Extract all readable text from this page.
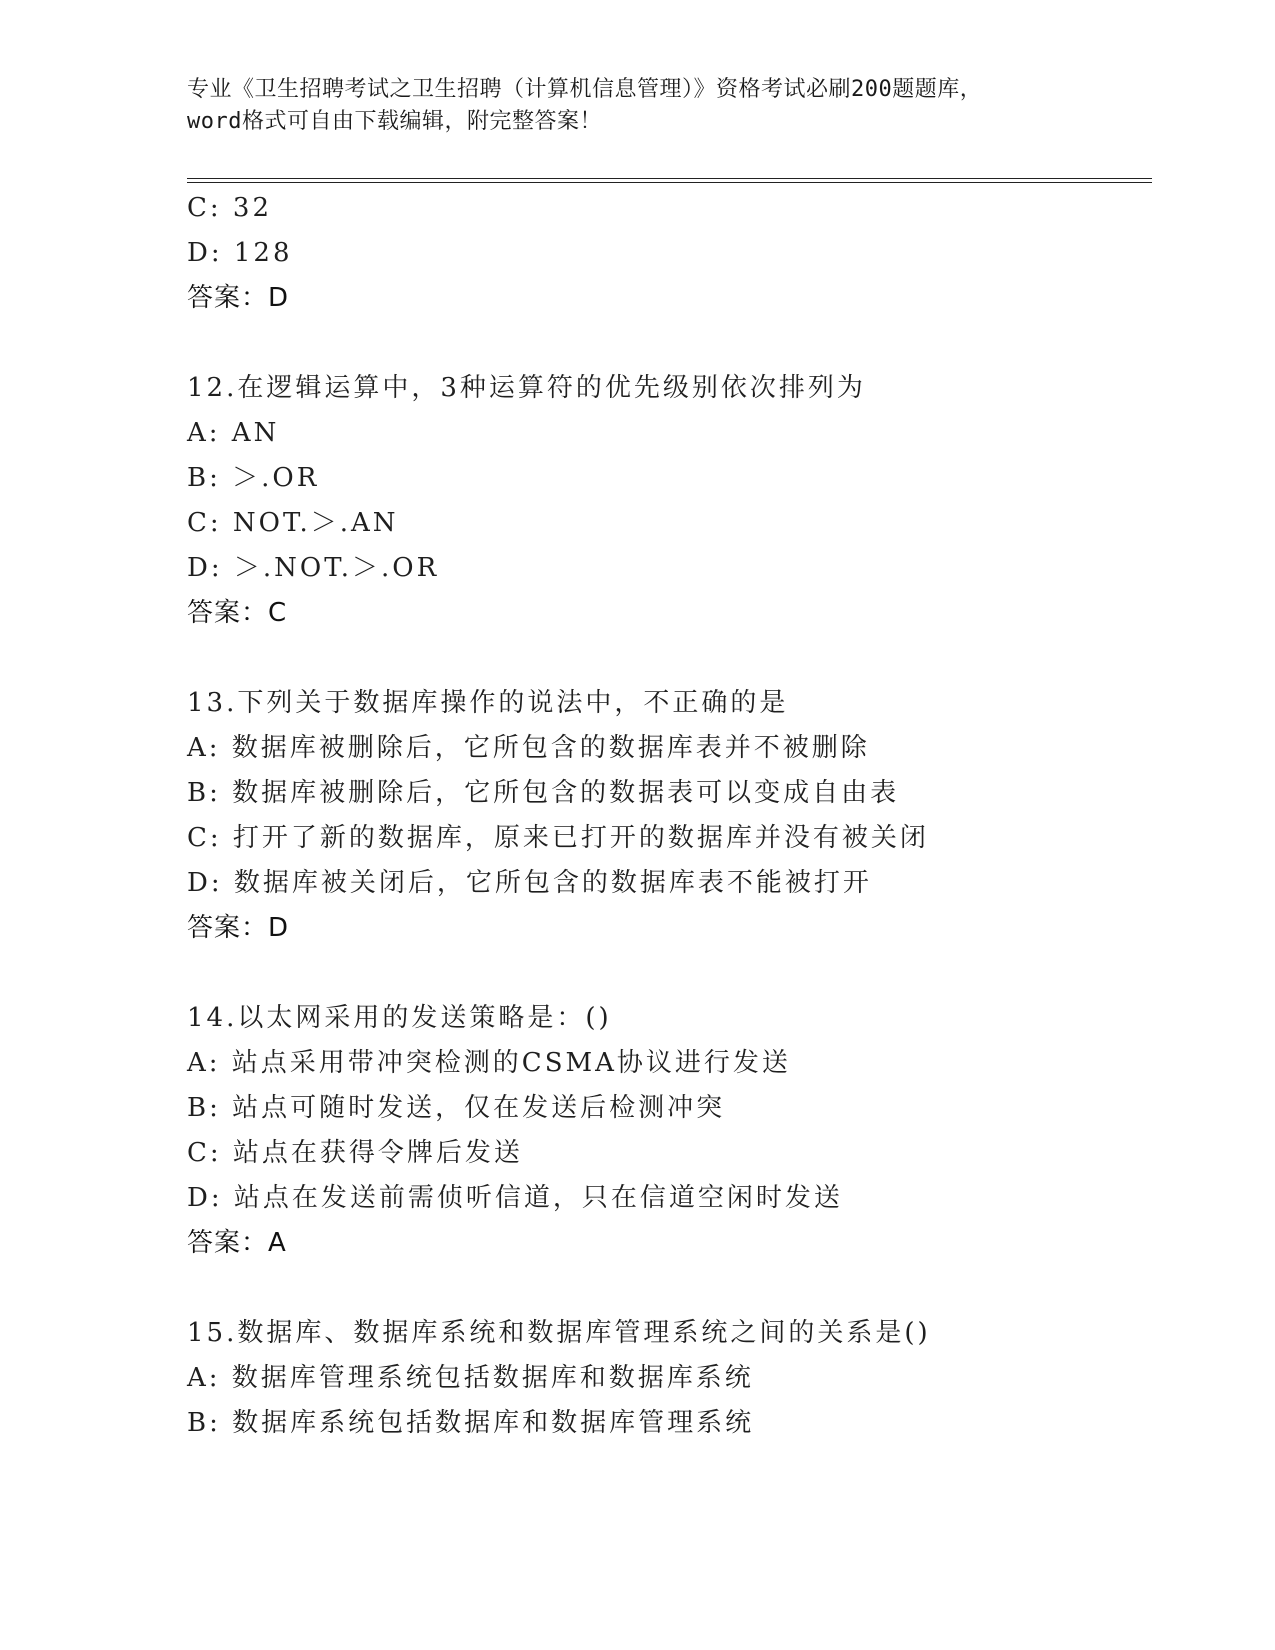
专业《卫生招聘考试之卫生招聘（计算机信息管理）》资格考试必刷200题题库，
word格式可自由下载编辑，附完整答案！
C: 32
D: 128
答案：D
12.在逻辑运算中，3种运算符的优先级别依次排列为
A: AN
B: ＞.OR
C: NOT.＞.AN
D: ＞.NOT.＞.OR
答案：C
13.下列关于数据库操作的说法中，不正确的是
A: 数据库被删除后，它所包含的数据库表并不被删除
B: 数据库被删除后，它所包含的数据表可以变成自由表
C: 打开了新的数据库，原来已打开的数据库并没有被关闭
D: 数据库被关闭后，它所包含的数据库表不能被打开
答案：D
14.以太网采用的发送策略是：()
A: 站点采用带冲突检测的CSMA协议进行发送
B: 站点可随时发送，仅在发送后检测冲突
C: 站点在获得令牌后发送
D: 站点在发送前需侦听信道，只在信道空闲时发送
答案：A
15.数据库、数据库系统和数据库管理系统之间的关系是()
A: 数据库管理系统包括数据库和数据库系统
B: 数据库系统包括数据库和数据库管理系统
